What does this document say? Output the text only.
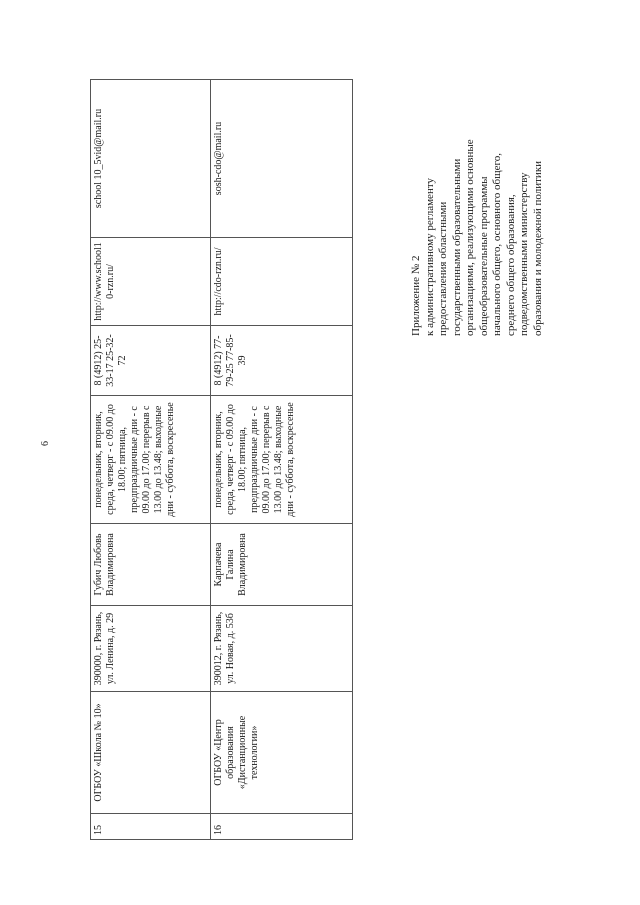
6
15	ОГБОУ «Школа № 10»	390000, г. Рязань, ул. Ленина, д. 29	Губич Любовь Владимировна	понедельник, вторник, среда, четверг - с 09.00 до 18.00; пятница, предпраздничные дни - с 09.00 до 17.00; перерыв с 13.00 до 13.48; выходные дни - суббота, воскресенье	8 (4912) 25-33-17 25-32-72	http://www.school10-rzn.ru/	school 10_5vid@mail.ru
16	ОГБОУ «Центр образования «Дистанционные технологии»	390012, г. Рязань, ул. Новая, д. 53б	Карпачева Галина Владимировна	понедельник, вторник, среда, четверг - с 09.00 до 18.00; пятница, предпраздничные дни - с 09.00 до 17.00; перерыв с 13.00 до 13.48; выходные дни - суббота, воскресенье	8 (4912) 77-79-25 77-85-39	http://cdo-rzn.ru/	sosh-cdo@mail.ru
Приложение № 2 к административному регламенту предоставления областными государственными образовательными организациями, реализующими основные общеобразовательные программы начального общего, основного общего, среднего общего образования, подведомственными министерству образования и молодежной политики
